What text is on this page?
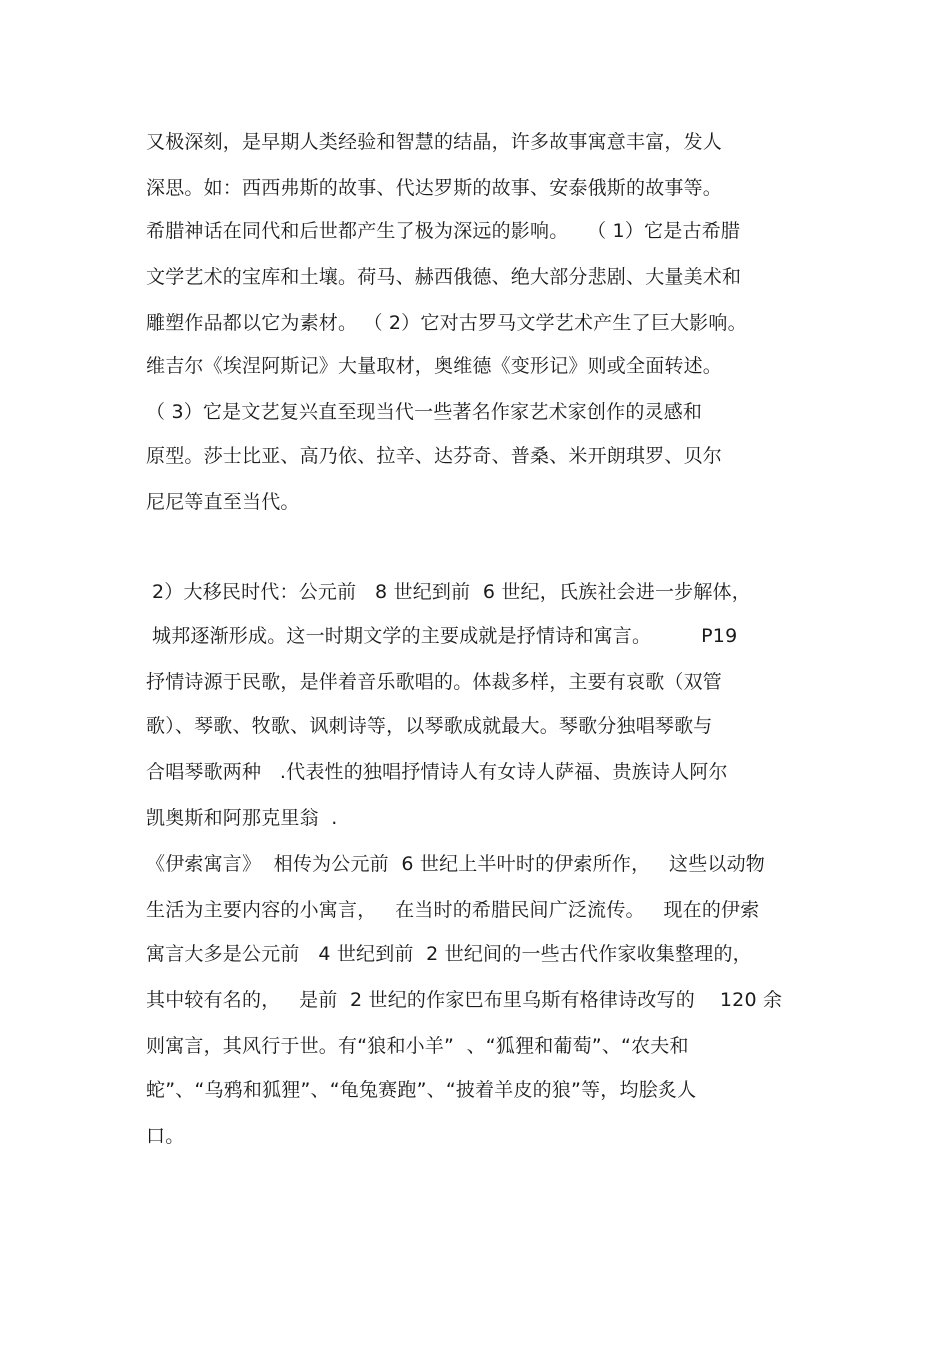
又极深刻，是早期人类经验和智慧的结晶，许多故事寓意丰富，发人
深思。如：西西弗斯的故事、代达罗斯的故事、安泰俄斯的故事等。
希腊神话在同代和后世都产生了极为深远的影响。   （ 1）它是古希腊
文学艺术的宝库和土壤。荷马、赫西俄德、绝大部分悲剧、大量美术和
雕塑作品都以它为素材。 （ 2）它对古罗马文学艺术产生了巨大影响。
维吉尔《埃涅阿斯记》大量取材，奥维德《变形记》则或全面转述。
（ 3）它是文艺复兴直至现当代一些著名作家艺术家创作的灵感和
原型。莎士比亚、高乃依、拉辛、达芬奇、普桑、米开朗琪罗、贝尔
尼尼等直至当代。
2）大移民时代：公元前   8 世纪到前  6 世纪，氏族社会进一步解体，
城邦逐渐形成。这一时期文学的主要成就是抒情诗和寓言。        P19
抒情诗源于民歌，是伴着音乐歌唱的。体裁多样，主要有哀歌（双管
歌）、琴歌、牧歌、讽刺诗等，以琴歌成就最大。琴歌分独唱琴歌与
合唱琴歌两种   .代表性的独唱抒情诗人有女诗人萨福、贵族诗人阿尔
凯奥斯和阿那克里翁  .
《伊索寓言》  相传为公元前  6 世纪上半叶时的伊索所作，   这些以动物
生活为主要内容的小寓言，   在当时的希腊民间广泛流传。   现在的伊索
寓言大多是公元前   4 世纪到前  2 世纪间的一些古代作家收集整理的，
其中较有名的，   是前  2 世纪的作家巴布里乌斯有格律诗改写的    120 余
则寓言，其风行于世。有“狼和小羊”  、“狐狸和葡萄”、“农夫和
蛇”、“乌鸦和狐狸”、“龟兔赛跑”、“披着羊皮的狼”等，均脍炙人
口。
